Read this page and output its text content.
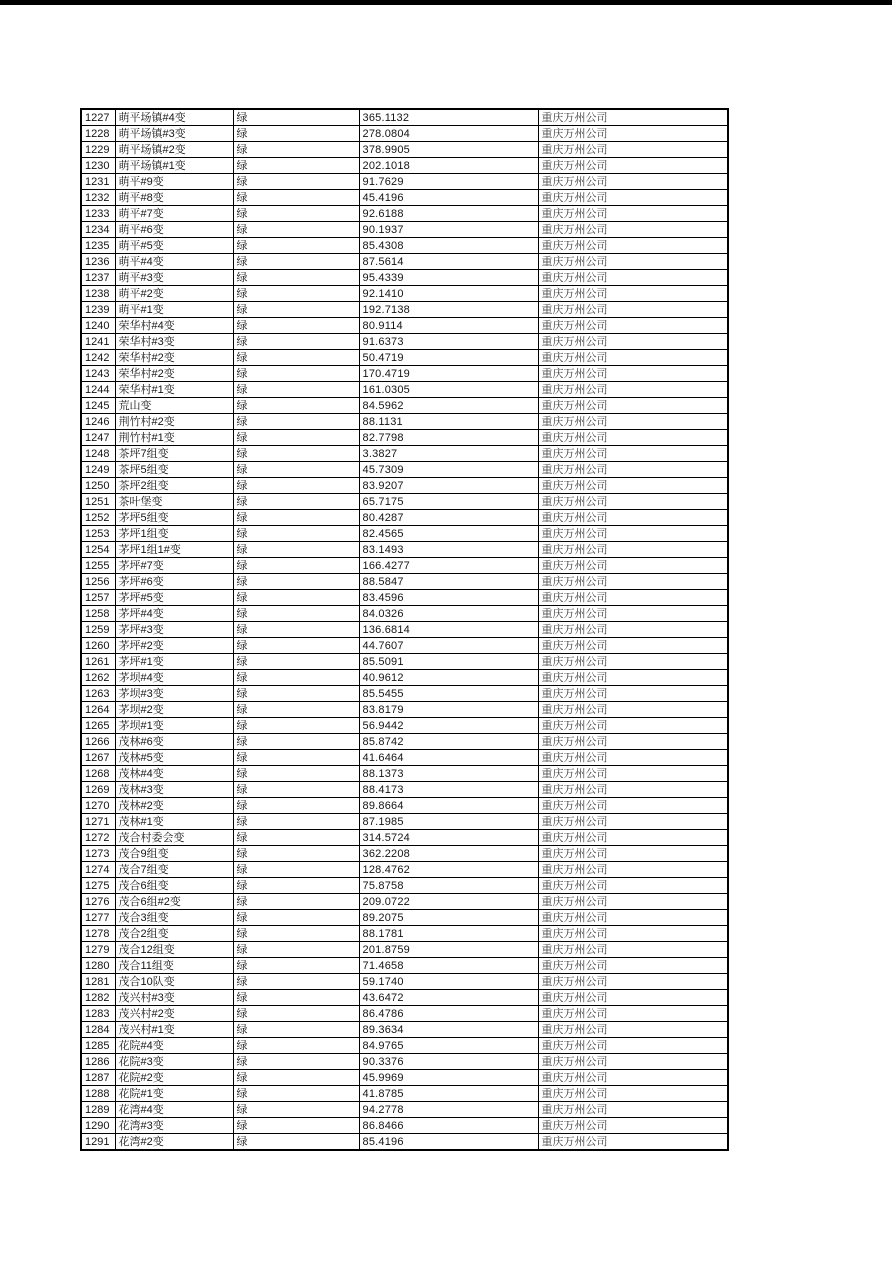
1227	萌平场镇#4变	绿	365.1132	重庆万州公司
1228	萌平场镇#3变	绿	278.0804	重庆万州公司
1229	萌平场镇#2变	绿	378.9905	重庆万州公司
1230	萌平场镇#1变	绿	202.1018	重庆万州公司
1231	萌平#9变	绿	91.7629	重庆万州公司
1232	萌平#8变	绿	45.4196	重庆万州公司
1233	萌平#7变	绿	92.6188	重庆万州公司
1234	萌平#6变	绿	90.1937	重庆万州公司
1235	萌平#5变	绿	85.4308	重庆万州公司
1236	萌平#4变	绿	87.5614	重庆万州公司
1237	萌平#3变	绿	95.4339	重庆万州公司
1238	萌平#2变	绿	92.1410	重庆万州公司
1239	萌平#1变	绿	192.7138	重庆万州公司
1240	荣华村#4变	绿	80.9114	重庆万州公司
1241	荣华村#3变	绿	91.6373	重庆万州公司
1242	荣华村#2变	绿	50.4719	重庆万州公司
1243	荣华村#2变	绿	170.4719	重庆万州公司
1244	荣华村#1变	绿	161.0305	重庆万州公司
1245	荒山变	绿	84.5962	重庆万州公司
1246	荆竹村#2变	绿	88.1131	重庆万州公司
1247	荆竹村#1变	绿	82.7798	重庆万州公司
1248	茶坪7组变	绿	3.3827	重庆万州公司
1249	茶坪5组变	绿	45.7309	重庆万州公司
1250	茶坪2组变	绿	83.9207	重庆万州公司
1251	茶叶堡变	绿	65.7175	重庆万州公司
1252	茅坪5组变	绿	80.4287	重庆万州公司
1253	茅坪1组变	绿	82.4565	重庆万州公司
1254	茅坪1组1#变	绿	83.1493	重庆万州公司
1255	茅坪#7变	绿	166.4277	重庆万州公司
1256	茅坪#6变	绿	88.5847	重庆万州公司
1257	茅坪#5变	绿	83.4596	重庆万州公司
1258	茅坪#4变	绿	84.0326	重庆万州公司
1259	茅坪#3变	绿	136.6814	重庆万州公司
1260	茅坪#2变	绿	44.7607	重庆万州公司
1261	茅坪#1变	绿	85.5091	重庆万州公司
1262	茅坝#4变	绿	40.9612	重庆万州公司
1263	茅坝#3变	绿	85.5455	重庆万州公司
1264	茅坝#2变	绿	83.8179	重庆万州公司
1265	茅坝#1变	绿	56.9442	重庆万州公司
1266	茂林#6变	绿	85.8742	重庆万州公司
1267	茂林#5变	绿	41.6464	重庆万州公司
1268	茂林#4变	绿	88.1373	重庆万州公司
1269	茂林#3变	绿	88.4173	重庆万州公司
1270	茂林#2变	绿	89.8664	重庆万州公司
1271	茂林#1变	绿	87.1985	重庆万州公司
1272	茂合村委会变	绿	314.5724	重庆万州公司
1273	茂合9组变	绿	362.2208	重庆万州公司
1274	茂合7组变	绿	128.4762	重庆万州公司
1275	茂合6组变	绿	75.8758	重庆万州公司
1276	茂合6组#2变	绿	209.0722	重庆万州公司
1277	茂合3组变	绿	89.2075	重庆万州公司
1278	茂合2组变	绿	88.1781	重庆万州公司
1279	茂合12组变	绿	201.8759	重庆万州公司
1280	茂合11组变	绿	71.4658	重庆万州公司
1281	茂合10队变	绿	59.1740	重庆万州公司
1282	茂兴村#3变	绿	43.6472	重庆万州公司
1283	茂兴村#2变	绿	86.4786	重庆万州公司
1284	茂兴村#1变	绿	89.3634	重庆万州公司
1285	花院#4变	绿	84.9765	重庆万州公司
1286	花院#3变	绿	90.3376	重庆万州公司
1287	花院#2变	绿	45.9969	重庆万州公司
1288	花院#1变	绿	41.8785	重庆万州公司
1289	花湾#4变	绿	94.2778	重庆万州公司
1290	花湾#3变	绿	86.8466	重庆万州公司
1291	花湾#2变	绿	85.4196	重庆万州公司
